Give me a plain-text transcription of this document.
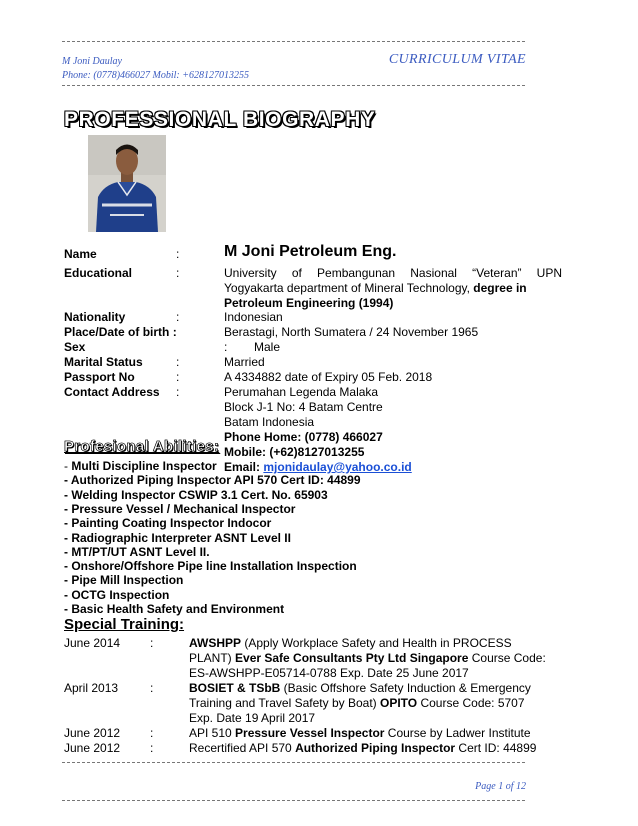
M Joni Daulay	CURRICULUM VITAE
Phone: (0778)466027 Mobil: +628127013255
PROFESSIONAL BIOGRAPHY
Name	:	M Joni Petroleum Eng.
Educational	:	University of Pembangunan Nasional “Veteran” UPN Yogyakarta department of Mineral Technology, degree in
Petroleum Engineering (1994)
Nationality	:	Indonesian
Place/Date of birth :	Berastagi, North Sumatera / 24 November 1965
Sex	:        Male
Marital Status	:	Married
Passport No	:	A 4334882 date of Expiry 05 Feb. 2018
Contact Address :	Perumahan Legenda Malaka
Block J-1 No: 4 Batam Centre
Batam Indonesia
Phone Home: (0778) 466027
Mobile: (+62)8127013255
Email: mjonidaulay@yahoo.co.id
Profesional Abilities:
- Multi Discipline Inspector
- Authorized Piping Inspector API 570 Cert ID: 44899
- Welding Inspector CSWIP 3.1 Cert. No. 65903
- Pressure Vessel / Mechanical Inspector
- Painting Coating Inspector Indocor
- Radiographic Interpreter ASNT Level II
- MT/PT/UT ASNT Level II.
- Onshore/Offshore Pipe line Installation Inspection
- Pipe Mill Inspection
- OCTG Inspection
- Basic Health Safety and Environment
Special Training:
June 2014 :	AWSHPP (Apply Workplace Safety and Health in PROCESS
PLANT) Ever Safe Consultants Pty Ltd Singapore Course Code:
ES-AWSHPP-E05714-0788 Exp. Date 25 June 2017
April 2013	:	BOSIET & TSbB (Basic Offshore Safety Induction & Emergency
Training and Travel Safety by Boat) OPITO Course Code: 5707
Exp. Date 19 April 2017
June 2012 :	API 510 Pressure Vessel Inspector Course by Ladwer Institute
June 2012 :	Recertified API 570 Authorized Piping Inspector Cert ID: 44899
Page 1 of 12
